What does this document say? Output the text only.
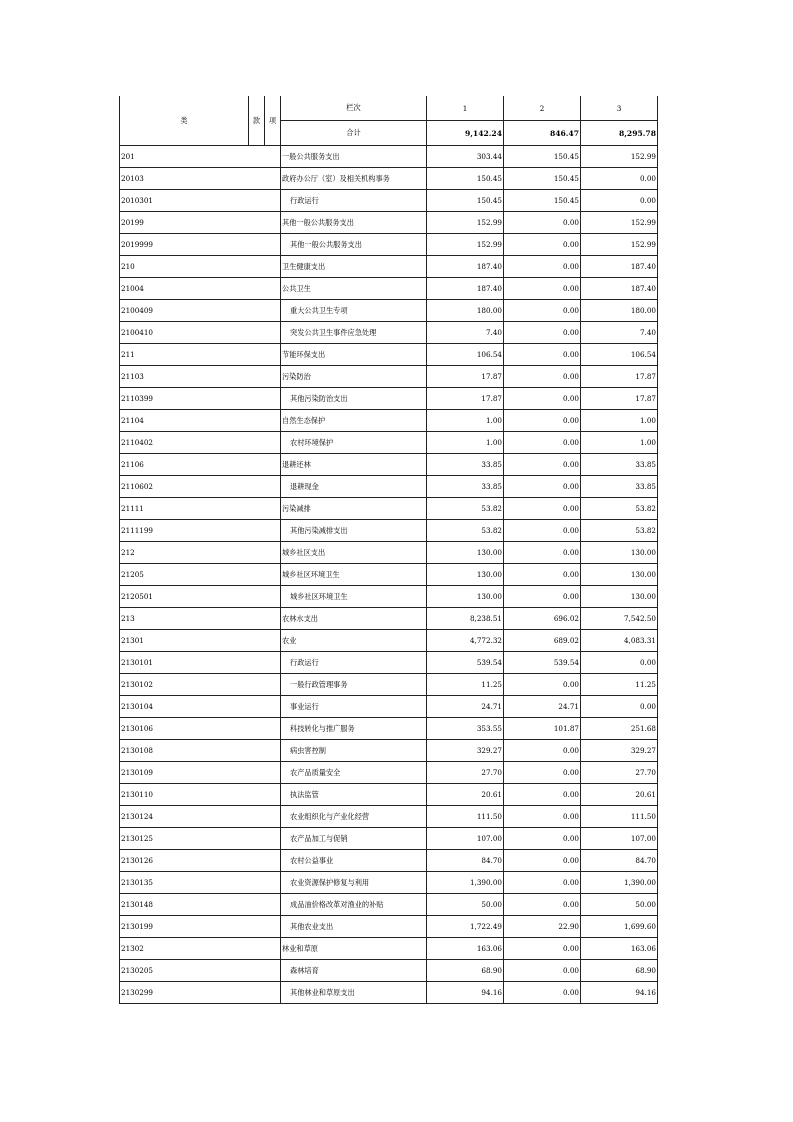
类	款	项	栏次	1	2	3
			合计	9,142.24	846.47	8,295.78
201			一般公共服务支出	303.44	150.45	152.99
20103			政府办公厅（室）及相关机构事务	150.45	150.45	0.00
2010301			行政运行	150.45	150.45	0.00
20199			其他一般公共服务支出	152.99	0.00	152.99
2019999			其他一般公共服务支出	152.99	0.00	152.99
210			卫生健康支出	187.40	0.00	187.40
21004			公共卫生	187.40	0.00	187.40
2100409			重大公共卫生专项	180.00	0.00	180.00
2100410			突发公共卫生事件应急处理	7.40	0.00	7.40
211			节能环保支出	106.54	0.00	106.54
21103			污染防治	17.87	0.00	17.87
2110399			其他污染防治支出	17.87	0.00	17.87
21104			自然生态保护	1.00	0.00	1.00
2110402			农村环境保护	1.00	0.00	1.00
21106			退耕还林	33.85	0.00	33.85
2110602			退耕现金	33.85	0.00	33.85
21111			污染减排	53.82	0.00	53.82
2111199			其他污染减排支出	53.82	0.00	53.82
212			城乡社区支出	130.00	0.00	130.00
21205			城乡社区环境卫生	130.00	0.00	130.00
2120501			城乡社区环境卫生	130.00	0.00	130.00
213			农林水支出	8,238.51	696.02	7,542.50
21301			农业	4,772.32	689.02	4,083.31
2130101			行政运行	539.54	539.54	0.00
2130102			一般行政管理事务	11.25	0.00	11.25
2130104			事业运行	24.71	24.71	0.00
2130106			科技转化与推广服务	353.55	101.87	251.68
2130108			病虫害控制	329.27	0.00	329.27
2130109			农产品质量安全	27.70	0.00	27.70
2130110			执法监管	20.61	0.00	20.61
2130124			农业组织化与产业化经营	111.50	0.00	111.50
2130125			农产品加工与促销	107.00	0.00	107.00
2130126			农村公益事业	84.70	0.00	84.70
2130135			农业资源保护修复与利用	1,390.00	0.00	1,390.00
2130148			成品油价格改革对渔业的补贴	50.00	0.00	50.00
2130199			其他农业支出	1,722.49	22.90	1,699.60
21302			林业和草原	163.06	0.00	163.06
2130205			森林培育	68.90	0.00	68.90
2130299			其他林业和草原支出	94.16	0.00	94.16
